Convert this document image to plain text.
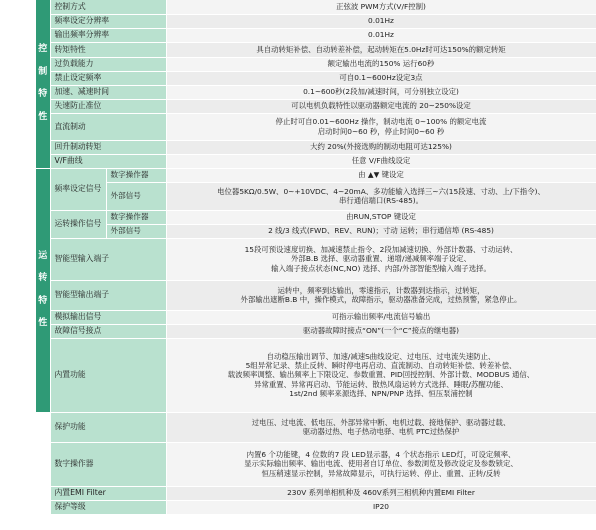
控

制

特

性	控制方式		正弦波 PWM方式(V/F控制)
	频率设定分辨率		0.01Hz
	输出频率分辨率		0.01Hz
	转矩特性		具自动转矩补偿、自动转差补偿，起动转矩在5.0Hz时可达150%的额定转矩
	过负载能力		额定输出电流的150% 运行60秒
	禁止设定频率		可自0.1~600Hz设定3点
	加速、减速时间		0.1~600秒(2段加/减速时间，可分别独立设定)
	失速防止准位		可以电机负载特性以驱动器额定电流的 20~250%设定
	直流制动		停止时可自0.01~600Hz 操作，制动电流 0~100% 的额定电流
启动时间0~60 秒，停止时间0~60 秒

	回升制动转矩		大约 20%(外接选购的制动电阻可达125%)
	V/F曲线		任意 V/F曲线设定
运

转

特

性	频率设定信号	数字操作器	由 ▲▼ 键设定
		外部信号	电位器5KΩ/0.5W、0~+10VDC、4~20mA、多功能输入选择三~六(15段速、寸动、上/下指令)、
串行通信端口(RS-485)。

	运转操作信号	数字操作器	由RUN,STOP 键设定
		外部信号	2 线/3 线式(FWD、REV、RUN)；寸动 运转；串行通信埠 (RS-485)
	智能型输入端子		15段可预设速度切换、加减速禁止指令、2段加减速切换、外部计数器、寸动运转、
外部B.B 选择、驱动器重置、递增/递减频率端子设定、
输入端子接点状态(NC,NO) 选择、内部/外部智能型输入端子选择。

	智能型输出端子		运转中，频率到达输出，零速指示，计数器到达指示，过转矩，
外部输出遮断B.B 中，操作模式，故障指示，驱动器准备完成，过热预警，紧急停止。

	模拟输出信号		可指示输出频率/电流信号输出
	故障信号接点		驱动器故障时接点“ON”(一个“C”接点的继电器)
	内置功能		自动稳压输出调节、加速/减速S曲线设定、过电压、过电流失速防止、
5组异常记录、禁止反转、瞬时停电再启动、直流制动、自动转矩补偿、转差补偿、
载波频率调整、输出频率上下限设定、参数重置、PID回授控制、外部计数、MODBUS 通信、
异常重置、异常再启动、节能运转、散热风扇运转方式选择、睡眠/苏醒功能、
1st/2nd 频率来源选择、NPN/PNP 选择、恒压泵浦控制

	保护功能		过电压、过电流、低电压、外部异常中断、电机过载、接地保护、驱动器过载、
驱动器过热、电子热动电驿、电机 PTC过热保护

	数字操作器		内置6 个功能键，4 位数的7 段 LED显示器，4 个状态指示 LED灯，可设定频率、
显示实际输出频率、输出电流、使用者自订单位、参数浏览及修改设定及参数锁定、
恒压稍速显示控制，异常故障显示，可执行运转、停止、重置、正转/反转

	内置EMI Filter		230V 系列单相机种及 460V系列三相机种内置EMI Filter
	保护等级		IP20
